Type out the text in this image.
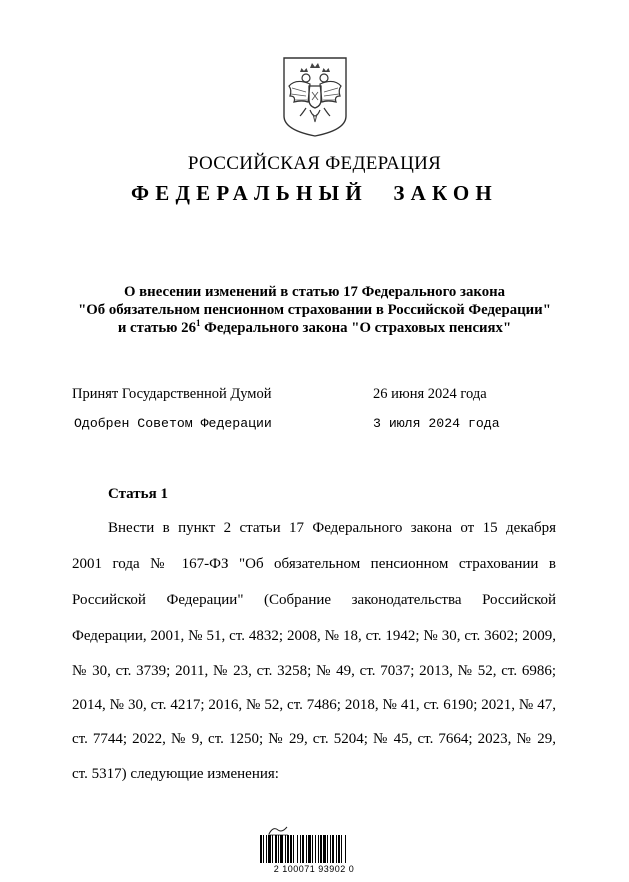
РОССИЙСКАЯ ФЕДЕРАЦИЯ
ФЕДЕРАЛЬНЫЙ ЗАКОН
О внесении изменений в статью 17 Федерального закона
"Об обязательном пенсионном страховании в Российской Федерации"
и статью $26^1$ Федерального закона "О страховых пенсиях"
Принят Государственной Думой	26 июня 2024 года
Одобрен Советом Федерации	3 июля 2024 года
Статья 1
Внести в пункт 2 статьи 17 Федерального закона от 15 декабря
2001 года № 167-ФЗ "Об обязательном пенсионном страховании в
Российской Федерации" (Собрание законодательства Российской
Федерации, 2001, № 51, ст. 4832; 2008, № 18, ст. 1942; № 30, ст. 3602; 2009,
№ 30, ст. 3739; 2011, № 23, ст. 3258; № 49, ст. 7037; 2013, № 52, ст. 6986;
2014, № 30, ст. 4217; 2016, № 52, ст. 7486; 2018, № 41, ст. 6190; 2021, № 47,
ст. 7744; 2022, № 9, ст. 1250; № 29, ст. 5204; № 45, ст. 7664; 2023, № 29,
ст. 5317) следующие изменения:
2 100071 93902 0
